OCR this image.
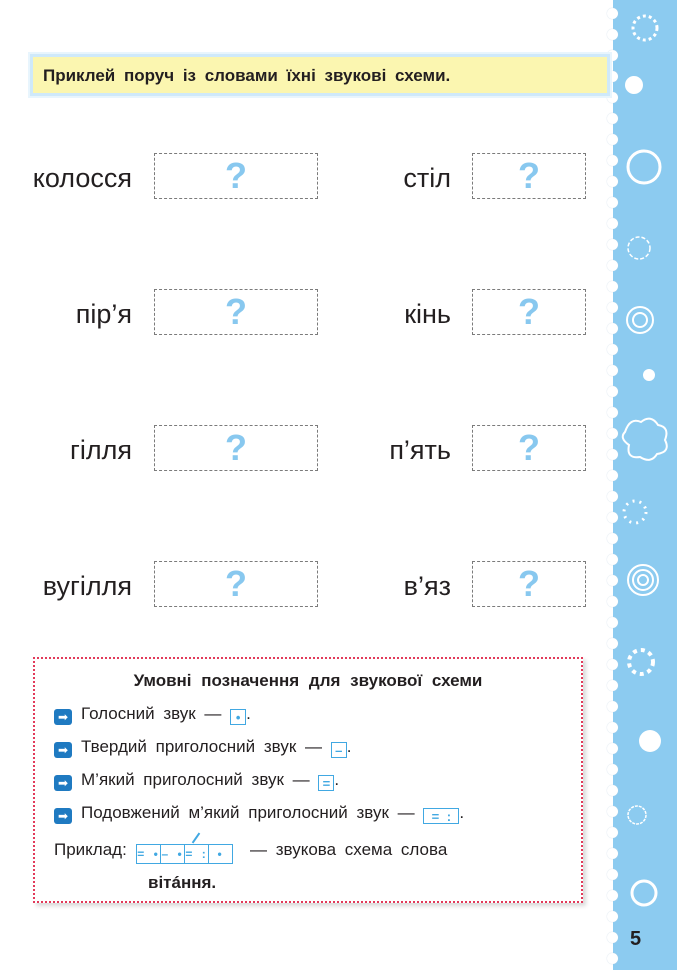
Приклей поруч із словами їхні звукові схеми.
колосся	?
пір’я	?
гілля	?
вугілля	?
стіл	?
кінь	?
п’ять	?
в’яз	?
Умовні позначення для звукової схеми
➡ Голосний звук — • .
➡ Твердий приголосний звук — – .
➡ М’який приголосний звук — = .
➡ Подовжений м’який приголосний звук — = : .
Приклад: = • – • = : •	— звукова схема слова
вітáння.
5
